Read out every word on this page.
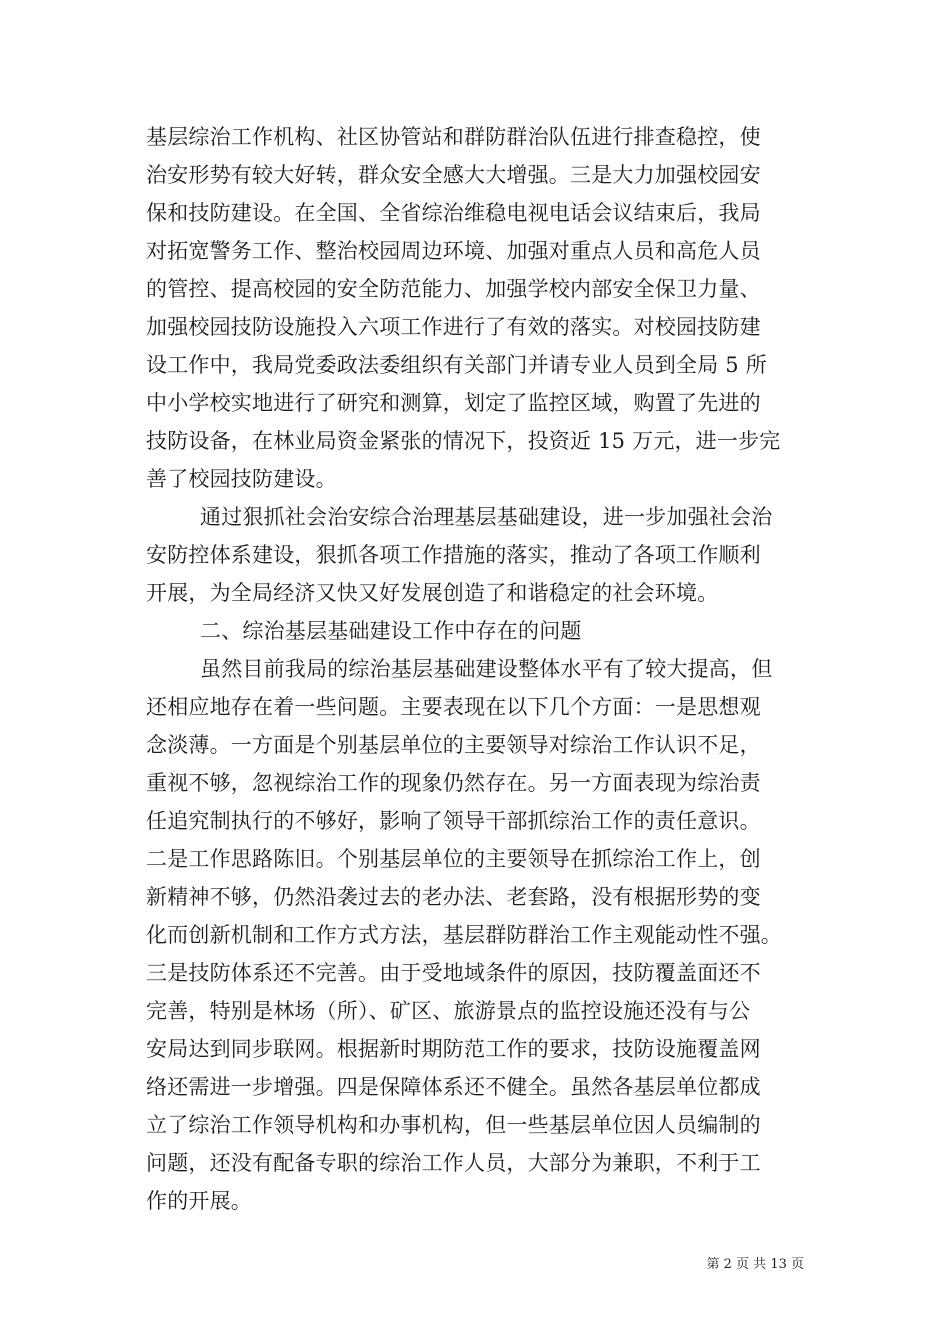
基层综治工作机构、社区协管站和群防群治队伍进行排查稳控，使
治安形势有较大好转，群众安全感大大增强。三是大力加强校园安
保和技防建设。在全国、全省综治维稳电视电话会议结束后，我局
对拓宽警务工作、整治校园周边环境、加强对重点人员和高危人员
的管控、提高校园的安全防范能力、加强学校内部安全保卫力量、
加强校园技防设施投入六项工作进行了有效的落实。对校园技防建
设工作中，我局党委政法委组织有关部门并请专业人员到全局 5 所
中小学校实地进行了研究和测算，划定了监控区域，购置了先进的
技防设备，在林业局资金紧张的情况下，投资近 15 万元，进一步完
善了校园技防建设。
通过狠抓社会治安综合治理基层基础建设，进一步加强社会治
安防控体系建设，狠抓各项工作措施的落实，推动了各项工作顺利
开展，为全局经济又快又好发展创造了和谐稳定的社会环境。
二、综治基层基础建设工作中存在的问题
虽然目前我局的综治基层基础建设整体水平有了较大提高，但
还相应地存在着一些问题。主要表现在以下几个方面：一是思想观
念淡薄。一方面是个别基层单位的主要领导对综治工作认识不足，
重视不够，忽视综治工作的现象仍然存在。另一方面表现为综治责
任追究制执行的不够好，影响了领导干部抓综治工作的责任意识。
二是工作思路陈旧。个别基层单位的主要领导在抓综治工作上，创
新精神不够，仍然沿袭过去的老办法、老套路，没有根据形势的变
化而创新机制和工作方式方法，基层群防群治工作主观能动性不强。
三是技防体系还不完善。由于受地域条件的原因，技防覆盖面还不
完善，特别是林场（所）、矿区、旅游景点的监控设施还没有与公
安局达到同步联网。根据新时期防范工作的要求，技防设施覆盖网
络还需进一步增强。四是保障体系还不健全。虽然各基层单位都成
立了综治工作领导机构和办事机构，但一些基层单位因人员编制的
问题，还没有配备专职的综治工作人员，大部分为兼职，不利于工
作的开展。
第 2 页 共 13 页
